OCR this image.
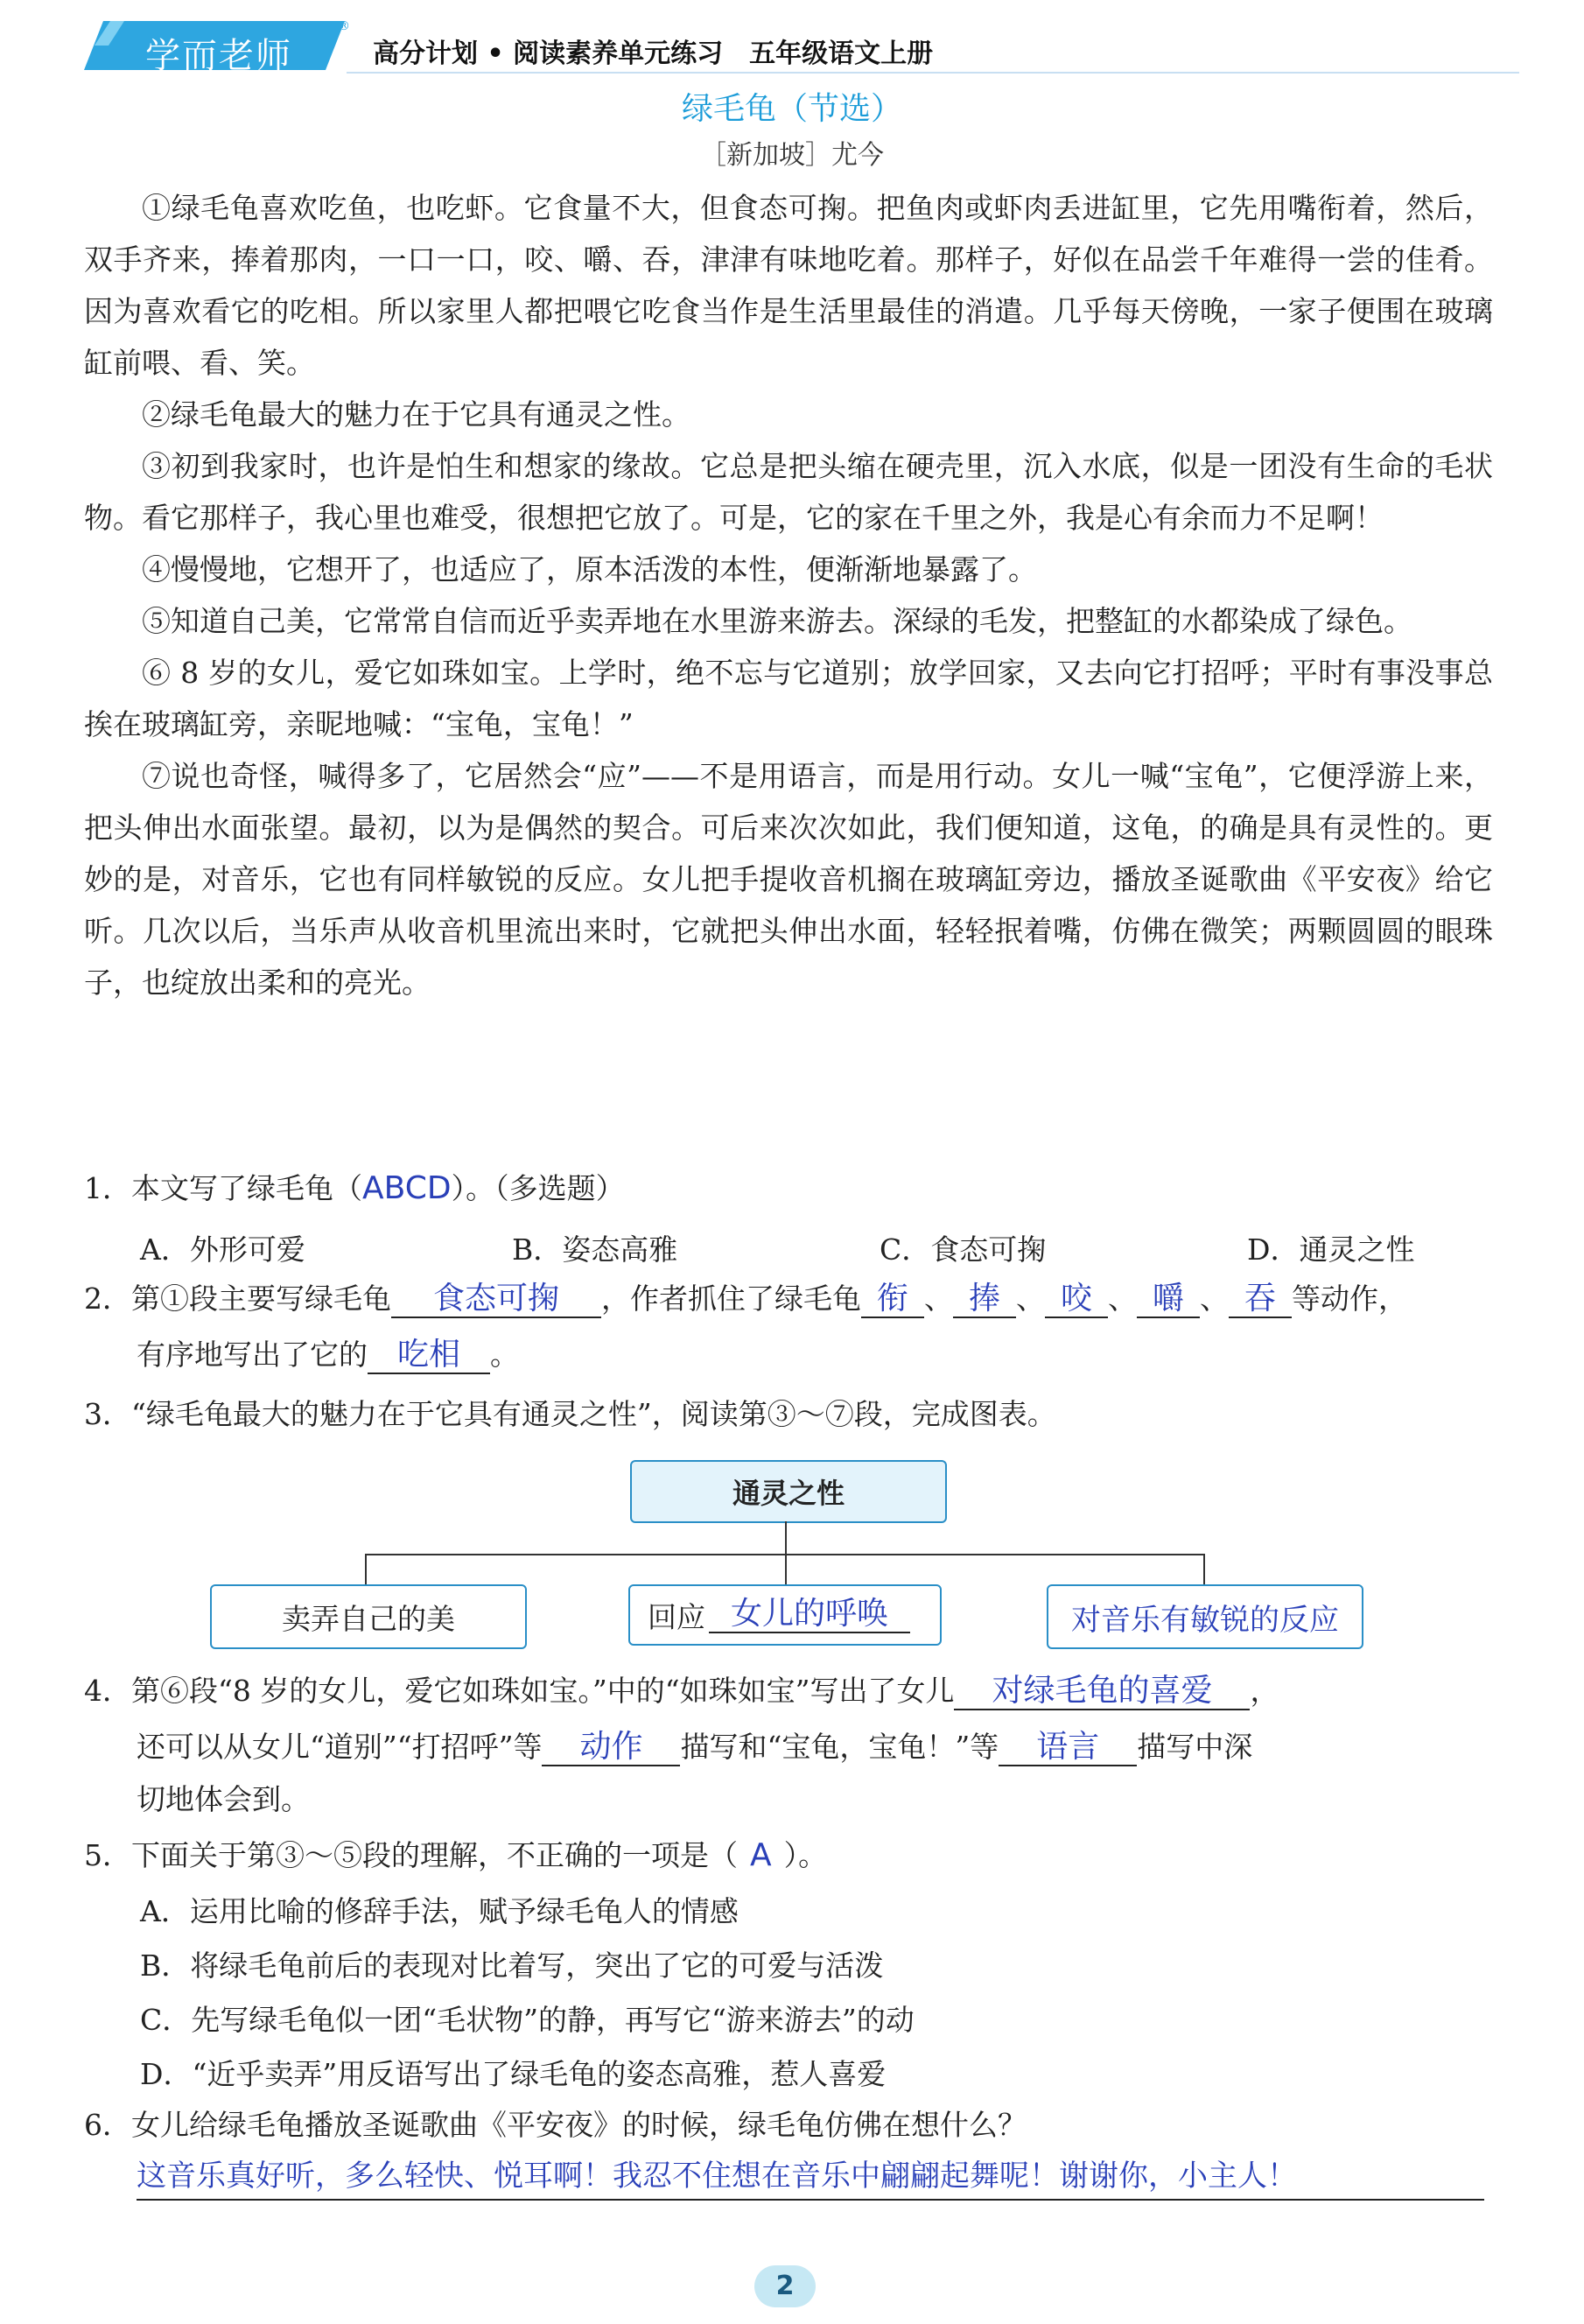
学而老师
®
高分计划 • 阅读素养单元练习　五年级语文上册
绿毛龟（节选）
［新加坡］尤今

①绿毛龟喜欢吃鱼，也吃虾。它食量不大，但食态可掬。把鱼肉或虾肉丢进缸里，它先用嘴衔着，然后，双手齐来，捧着那肉，一口一口，咬、嚼、吞，津津有味地吃着。那样子，好似在品尝千年难得一尝的佳肴。因为喜欢看它的吃相。所以家里人都把喂它吃食当作是生活里最佳的消遣。几乎每天傍晚，一家子便围在玻璃缸前喂、看、笑。

②绿毛龟最大的魅力在于它具有通灵之性。

③初到我家时，也许是怕生和想家的缘故。它总是把头缩在硬壳里，沉入水底，似是一团没有生命的毛状物。看它那样子，我心里也难受，很想把它放了。可是，它的家在千里之外，我是心有余而力不足啊！

④慢慢地，它想开了，也适应了，原本活泼的本性，便渐渐地暴露了。

⑤知道自己美，它常常自信而近乎卖弄地在水里游来游去。深绿的毛发，把整缸的水都染成了绿色。

⑥ 8 岁的女儿，爱它如珠如宝。上学时，绝不忘与它道别；放学回家，又去向它打招呼；平时有事没事总挨在玻璃缸旁，亲昵地喊：“宝龟，宝龟！”

⑦说也奇怪，喊得多了，它居然会“应”——不是用语言，而是用行动。女儿一喊“宝龟”，它便浮游上来，把头伸出水面张望。最初，以为是偶然的契合。可后来次次如此，我们便知道，这龟，的确是具有灵性的。更妙的是，对音乐，它也有同样敏锐的反应。女儿把手提收音机搁在玻璃缸旁边，播放圣诞歌曲《平安夜》给它听。几次以后，当乐声从收音机里流出来时，它就把头伸出水面，轻轻抿着嘴，仿佛在微笑；两颗圆圆的眼珠子，也绽放出柔和的亮光。

1．本文写了绿毛龟（ABCD）。（多选题）
A．外形可爱	B．姿态高雅	C．食态可掬	D．通灵之性
2．第①段主要写绿毛龟 食态可掬 ，作者抓住了绿毛龟 衔 、 捧 、 咬 、 嚼 、 吞 等动作，
有序地写出了它的 吃相 。
3．“绿毛龟最大的魅力在于它具有通灵之性”，阅读第③～⑦段，完成图表。
通灵之性
卖弄自己的美	回应 女儿的呼唤	对音乐有敏锐的反应
4．第⑥段“8 岁的女儿，爱它如珠如宝。”中的“如珠如宝”写出了女儿 对绿毛龟的喜爱 ，
还可以从女儿“道别”“打招呼”等 动作 描写和“宝龟，宝龟！”等 语言 描写中深
切地体会到。
5．下面关于第③～⑤段的理解，不正确的一项是（ A ）。
A．运用比喻的修辞手法，赋予绿毛龟人的情感
B．将绿毛龟前后的表现对比着写，突出了它的可爱与活泼
C．先写绿毛龟似一团“毛状物”的静，再写它“游来游去”的动
D．“近乎卖弄”用反语写出了绿毛龟的姿态高雅，惹人喜爱
6．女儿给绿毛龟播放圣诞歌曲《平安夜》的时候，绿毛龟仿佛在想什么？
这音乐真好听，多么轻快、悦耳啊！我忍不住想在音乐中翩翩起舞呢！谢谢你，小主人！
2
